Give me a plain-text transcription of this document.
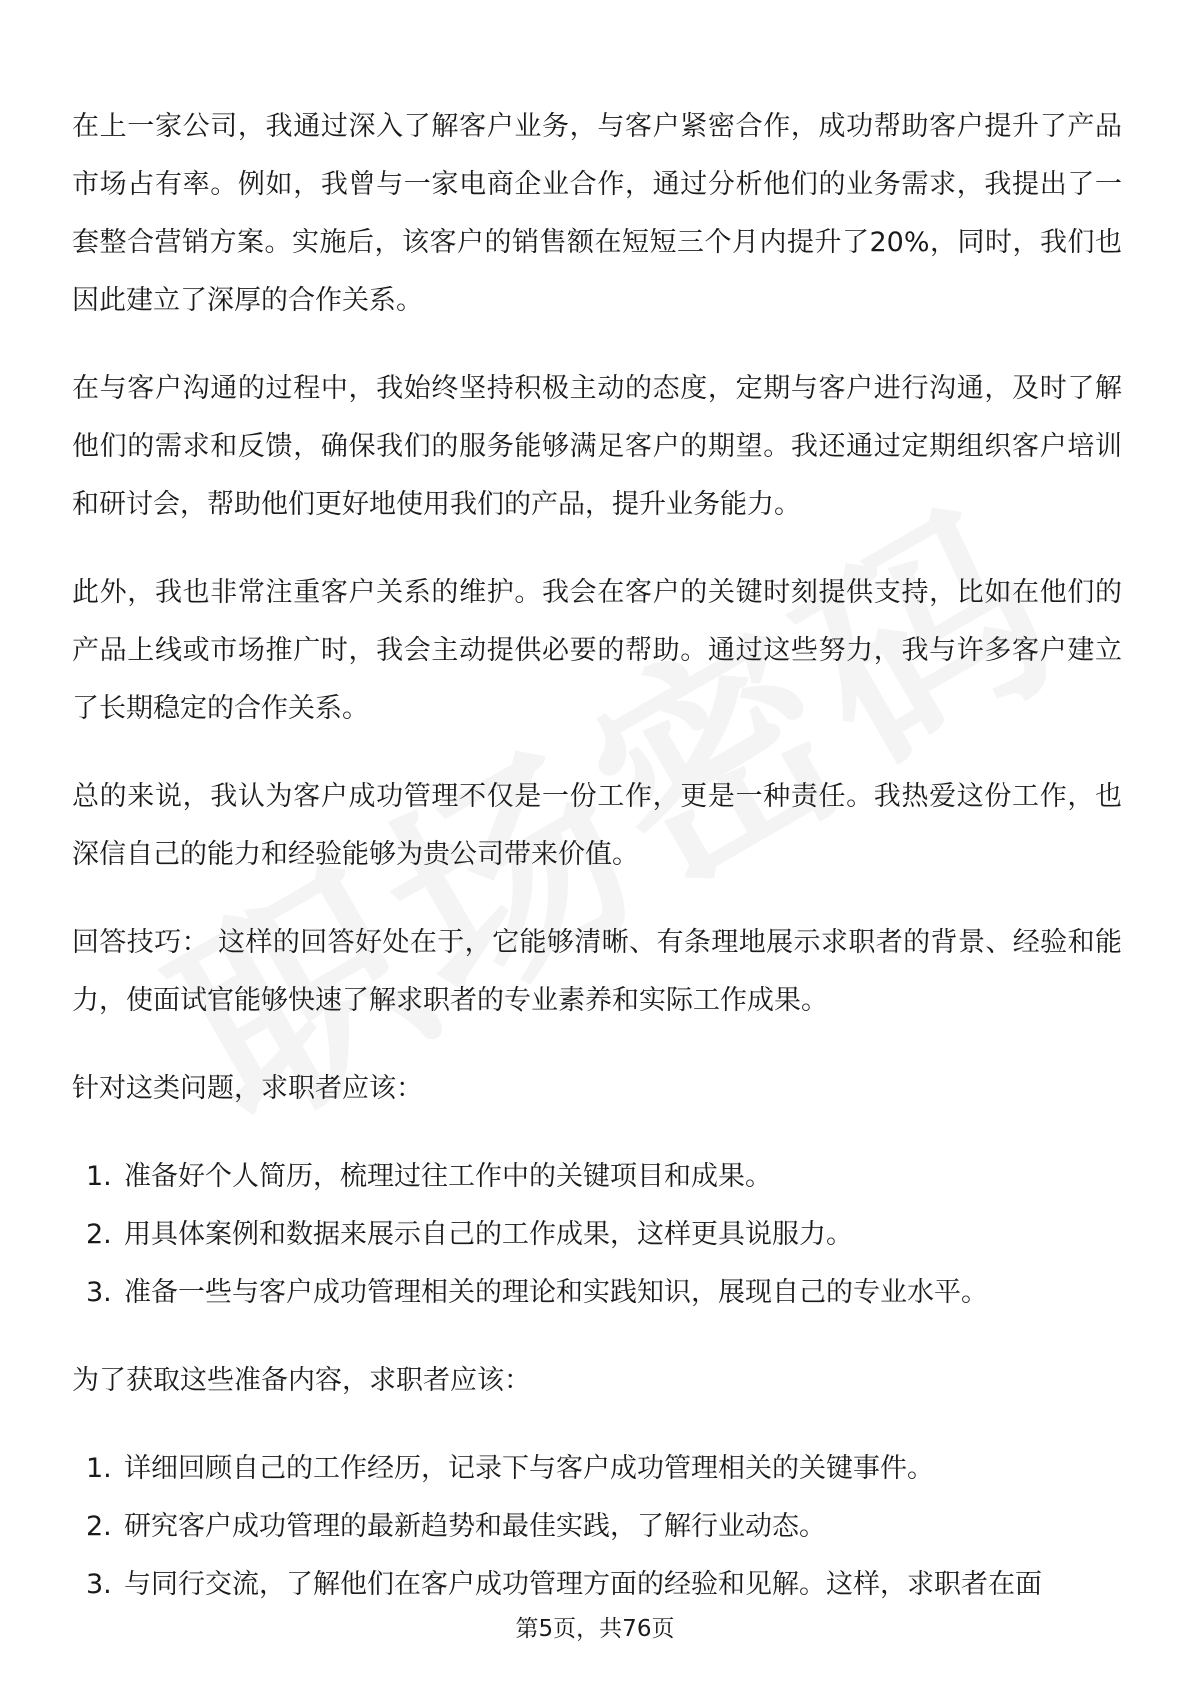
在上一家公司，我通过深入了解客户业务，与客户紧密合作，成功帮助客户提升了产品市场占有率。例如，我曾与一家电商企业合作，通过分析他们的业务需求，我提出了一套整合营销方案。实施后，该客户的销售额在短短三个月内提升了20%，同时，我们也因此建立了深厚的合作关系。

在与客户沟通的过程中，我始终坚持积极主动的态度，定期与客户进行沟通，及时了解他们的需求和反馈，确保我们的服务能够满足客户的期望。我还通过定期组织客户培训和研讨会，帮助他们更好地使用我们的产品，提升业务能力。

此外，我也非常注重客户关系的维护。我会在客户的关键时刻提供支持，比如在他们的产品上线或市场推广时，我会主动提供必要的帮助。通过这些努力，我与许多客户建立了长期稳定的合作关系。

总的来说，我认为客户成功管理不仅是一份工作，更是一种责任。我热爱这份工作，也深信自己的能力和经验能够为贵公司带来价值。

回答技巧： 这样的回答好处在于，它能够清晰、有条理地展示求职者的背景、经验和能力，使面试官能够快速了解求职者的专业素养和实际工作成果。

针对这类问题，求职者应该：

1. 准备好个人简历，梳理过往工作中的关键项目和成果。
2. 用具体案例和数据来展示自己的工作成果，这样更具说服力。
3. 准备一些与客户成功管理相关的理论和实践知识，展现自己的专业水平。

为了获取这些准备内容，求职者应该：

1. 详细回顾自己的工作经历，记录下与客户成功管理相关的关键事件。
2. 研究客户成功管理的最新趋势和最佳实践，了解行业动态。
3. 与同行交流，了解他们在客户成功管理方面的经验和见解。这样，求职者在面
第5页，共76页
